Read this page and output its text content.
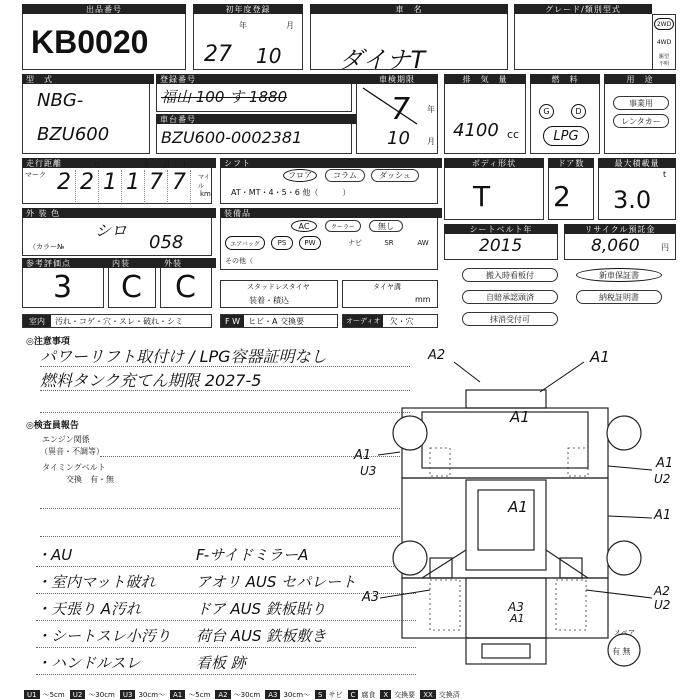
出品番号
KB0020
初年度登録
年	月
27 10
車　名
ダイナT
グレード/類別型式
2WD
4WD
駆型
不明
型　式
NBG-
BZU600
登録番号
福山 100 す 1880
車台番号
BZU600-0002381
車検期限
7 年
10 月
排　気　量
4100 cc
燃　料
G	D
LPG
用　途
事業用
レンタカー
走行距離
マーク
万	千 百 十
マイル
km
2 2 1 1 7 7
シフト
フロア	コラム	ダッシュ
AT・MT・4・5・6 他（　　　）
ボディ形状
T
ドア数
2
最大積載量
t
3.0
外 装 色
シロ
（カラー№	058
装備品
AC	クーラー	無し
エアバッグ	PS	PW	ナビ	SR	AW
その他（
シートベルト年
2015
リサイクル預託金
8,060	円
参考評価点
3
内装
C
外装
C	スタッドレスタイヤ
装着・積込
タイヤ溝
mm
搬入時看板付	新車保証書
自賠承認頭済	納税証明書
抹消受付可
室内	汚れ・コゲ・穴・スレ・破れ・シミ	F W	ヒビ・A 交換要	オーディオ	欠・穴
◎注意事項
パワーリフト取付け / LPG容器証明なし
燃料タンク充てん期限 2027-5
◎検査員報告
エンジン関係
（異音・不調等）
タイミングベルト
交換　有・無
・AU	F-サイドミラーA
・室内マット破れ	アオリ AUS セパレート
・天張り A汚れ	ドア AUS 鉄板貼り
・シートスレ小汚り 荷台 AUS 鉄板敷き
・ハンドルスレ	看板 跡
A2	A1
A1
A1
A1
U3
A1
U2
A1
A3	A2
U2
A3
A1
スペア
有 無
U1 ～5cm	U2 ～30cm	U3 30cm～	A1 ～5cm	A2 ～30cm	A3 30cm～	S サビ	C 腐食	X 交換要	XX 交換済
